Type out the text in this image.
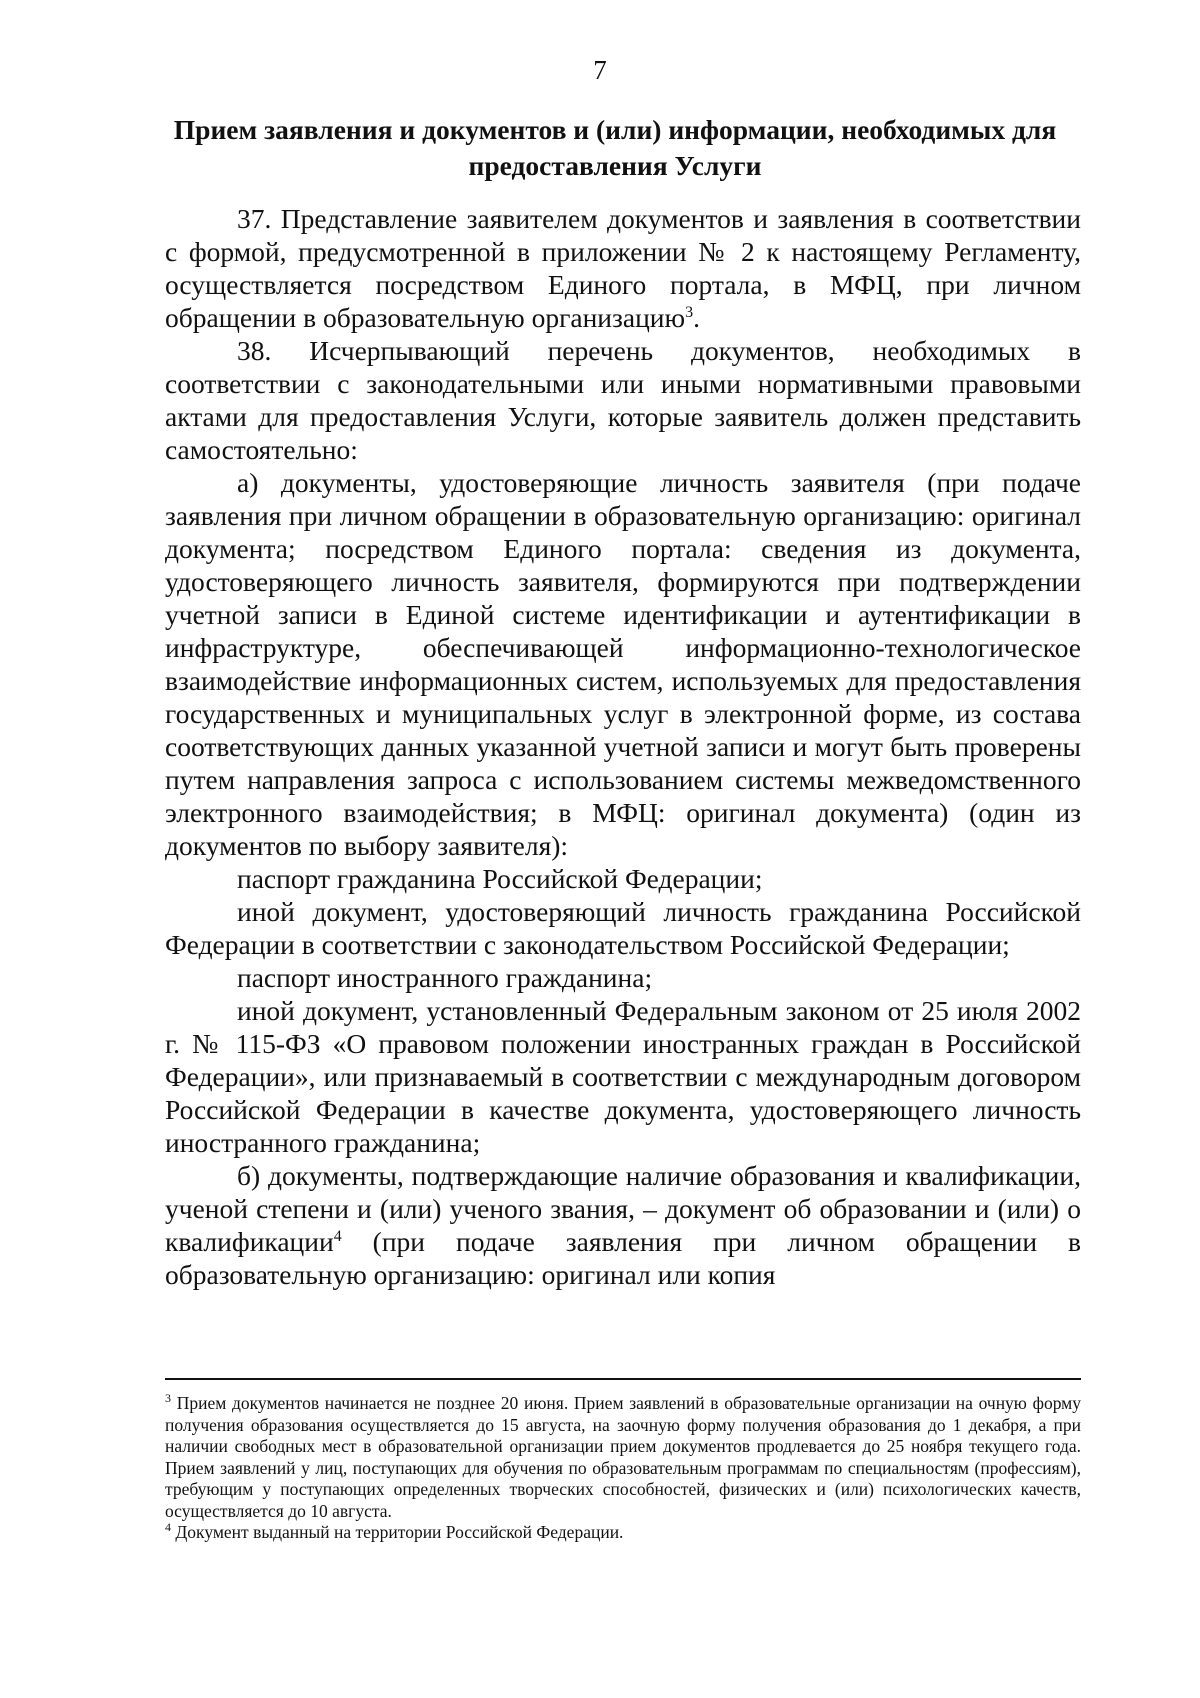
7
Прием заявления и документов и (или) информации, необходимых для предоставления Услуги

37. Представление заявителем документов и заявления в соответствии с формой, предусмотренной в приложении № 2 к настоящему Регламенту, осуществляется посредством Единого портала, в МФЦ, при личном обращении в образовательную организацию$^3$.

38. Исчерпывающий перечень документов, необходимых в соответствии с законодательными или иными нормативными правовыми актами для предоставления Услуги, которые заявитель должен представить самостоятельно:

а) документы, удостоверяющие личность заявителя (при подаче заявления при личном обращении в образовательную организацию: оригинал документа; посредством Единого портала: сведения из документа, удостоверяющего личность заявителя, формируются при подтверждении учетной записи в Единой системе идентификации и аутентификации в инфраструктуре, обеспечивающей информационно-технологическое взаимодействие информационных систем, используемых для предоставления государственных и муниципальных услуг в электронной форме, из состава соответствующих данных указанной учетной записи и могут быть проверены путем направления запроса с использованием системы межведомственного электронного взаимодействия; в МФЦ: оригинал документа) (один из документов по выбору заявителя):

паспорт гражданина Российской Федерации;

иной документ, удостоверяющий личность гражданина Российской Федерации в соответствии с законодательством Российской Федерации;

паспорт иностранного гражданина;

иной документ, установленный Федеральным законом от 25 июля 2002 г. № 115-ФЗ «О правовом положении иностранных граждан в Российской Федерации», или признаваемый в соответствии с международным договором Российской Федерации в качестве документа, удостоверяющего личность иностранного гражданина;

б) документы, подтверждающие наличие образования и квалификации, ученой степени и (или) ученого звания, – документ об образовании и (или) о квалификации$^4$ (при подаче заявления при личном обращении в образовательную организацию: оригинал или копия

$^3$ Прием документов начинается не позднее 20 июня. Прием заявлений в образовательные организации на очную форму получения образования осуществляется до 15 августа, на заочную форму получения образования до 1 декабря, а при наличии свободных мест в образовательной организации прием документов продлевается до 25 ноября текущего года. Прием заявлений у лиц, поступающих для обучения по образовательным программам по специальностям (профессиям), требующим у поступающих определенных творческих способностей, физических и (или) психологических качеств, осуществляется до 10 августа.

$^4$ Документ выданный на территории Российской Федерации.
